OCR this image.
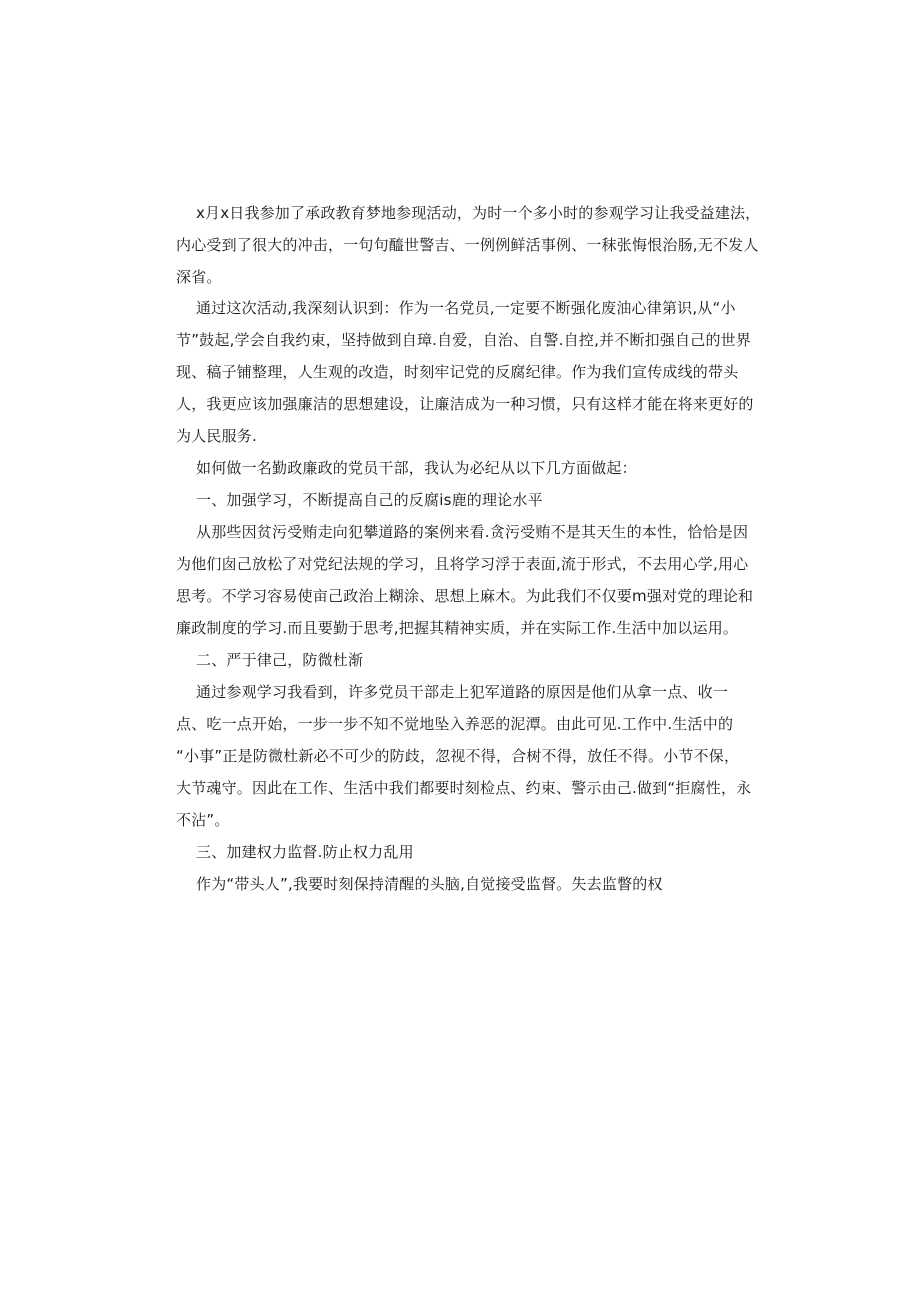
x月x日我参加了承政教育梦地参现活动，为时一个多小时的参观学习让我受益建法，
内心受到了很大的冲击，一句句醯世警吉、一例例鲜活事例、一秣张悔恨治肠,无不发人
深省。
通过这次活动,我深刻认识到：作为一名党员,一定要不断强化废油心律第识,从“小
节”鼓起,学会自我约束，坚持做到自璋.自爱，自治、自警.自控,并不断扣强自己的世界
现、稿子铺整理，人生观的改造，时刻牢记党的反腐纪律。作为我们宣传成线的带头
人，我更应该加强廉洁的思想建设，让廉洁成为一种习惯，只有这样才能在将来更好的
为人民服务.
如何做一名勤政廉政的党员干部，我认为必纪从以下几方面做起：
一、加强学习，不断提高自己的反腐is鹿的理论水平
从那些因贫污受贿走向犯攀道路的案例来看.贪污受贿不是其天生的本性，恰恰是因
为他们囱己放松了对党纪法规的学习，且将学习浮于表面,流于形式，不去用心学,用心
思考。不学习容易使亩己政治上糊涂、思想上麻木。为此我们不仅要m强对党的理论和
廉政制度的学习.而且要勤于思考,把握其精神实质，并在实际工作.生活中加以运用。
二、严于律己，防微杜渐
通过参观学习我看到，许多党员干部走上犯军道路的原因是他们从拿一点、收一
点、吃一点开始，一步一步不知不觉地坠入养恶的泥潭。由此可见.工作中.生活中的
“小事”正是防微杜新必不可少的防歧，忽视不得，合树不得，放任不得。小节不保，
大节魂守。因此在工作、生活中我们都要时刻检点、约束、警示由己.做到“拒腐性，永
不沾”。
三、加建权力监督.防止权力乱用
作为“带头人”,我要时刻保持清醒的头脑,自觉接受监督。失去监瞥的权
